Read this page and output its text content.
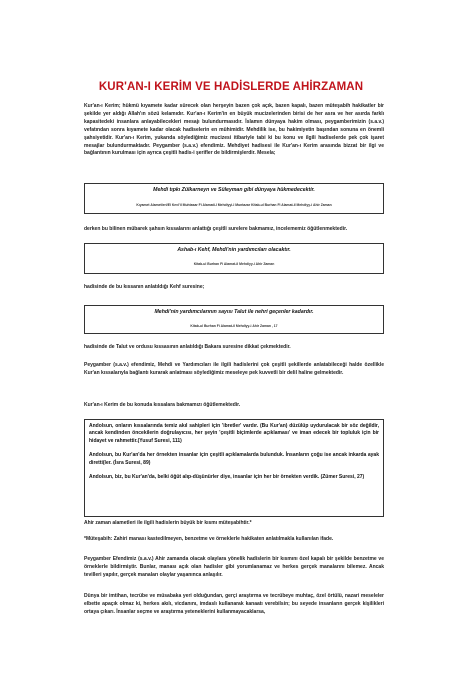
KUR'AN-I KERİM VE HADİSLERDE AHİRZAMAN
Kur'an-ı Kerim; hükmü kıyamete kadar sürecek olan herşeyin bazen çok açık, bazen kapalı, bazen müteşabih hakikatler bir şekilde yer aldığı Allah'ın sözü kelamıdır. Kur'an-ı Kerim'in en büyük mucizelerinden birisi de her asra ve her asırda farklı kapasitedeki insanlara anlayabilecekleri mesajı bulundurmasıdır. İslamın dünyaya hakim olması, peygamberimizin (s.a.v.) vefatından sonra kıyamete kadar olacak hadiselerin en mühimidir. Mehdilik ise, bu hakimiyetin başından sonuna en önemli şahsiyetidir. Kur'an-ı Kerim, yukarıda söylediğimiz mucizesi itibariyle tabi ki bu konu ve ilgili hadiselerde pek çok işaret mesajlar bulundurmaktadır. Peygamber (s.a.v.) efendimiz. Mehdiyet hadisesi ile Kur'an-ı Kerim arasında bizzat bir ilgi ve bağlantının kurulması için ayrıca çeşitli hadis-i şerifler de bildirmişlerdir. Mesela;
Mehdi tıpkı Zülkarneyn ve Süleyman gibi dünyaya hükmedecektir.
Kıyamet Alametleri/El Kevl'il Muhtasar Fi Alamati-l Mehdiyyi-l Muntazar Kitab-ul Burhan Fi Alamat-il Mehdiyy-i Ahir Zaman
derken bu bilinen mübarek şahsın kıssalarını anlattığı çeşitli surelere bakmamız, incelememiz öğütlenmektedir.
Ashab-ı Kehf, Mehdi'nin yardımcıları olacaktır.
Kitab-ul Burhan Fi Alamat-il Mehdiyy-i Ahir Zaman
hadisinde de bu kıssanın anlatıldığı Kehf suresine;
Mehdi'nin yardımcılarının sayısı Talut ile nehri geçenler kadardır.
Kitab-ul Burhan Fi Alamat-il Mehdiyy-i Ahir Zaman , 17
hadisinde de Talut ve ordusu kıssasının anlatıldığı Bakara suresine dikkat çekmektedir.
Peygamber (s.a.v.) efendimiz, Mehdi ve Yardımcıları ile ilgili hadislerini çok çeşitli şekillerde anlatabileceği halde özellikle Kur'an kıssalarıyla bağlantı kurarak anlatması söylediğimiz meseleye pek kuvvetli bir delil haline gelmektedir.
Kur'an-ı Kerim de bu konuda kıssalara bakmamızı öğütlemektedir.

Andolsun, onların kıssalarında temiz akıl sahipleri için 'ibretler' vardır. (Bu Kur'an) düzülüp uydurulacak bir söz değildir, ancak kendinden öncekilerin doğrulayıcısı, her şeyin 'çeşitli biçimlerde açıklaması' ve iman edecek bir topluluk için bir hidayet ve rahmettir.(Yusuf Suresi, 111)

Andolsun, bu Kur'an'da her örnekten insanlar için çeşitli açıklamalarda bulunduk. İnsanların çoğu ise ancak inkarda ayak diretti(ler. (İsra Suresi, 89)

Andolsun, biz, bu Kur'an'da, belki öğüt alıp-düşünürler diye, insanlar için her bir örnekten verdik. (Zümer Suresi, 27)

Ahir zaman alametleri ile ilgili hadislerin büyük bir kısmı müteşabihtir.*
*Müteşabih: Zahiri manası kastedilmeyen, benzetme ve örneklerle hakikaten anlatılmakla kullanılan ifade.
Peygamber Efendimiz (s.a.v.) Ahir zamanda olacak olaylara yönelik hadislerin bir kısmını özel kapalı bir şekilde benzetme ve örneklerle bildirmiştir. Bunlar, manası açık olan hadisler gibi yorumlanamaz ve herkes gerçek manalarını bilemez. Ancak tevilleri yapılır, gerçek manaları olaylar yaşanınca anlaşılır.
Dünya bir imtihan, tecrübe ve müsabaka yeri olduğundan, gerçi araştırma ve tecrübeye muhtaç, özel örtülü, nazari meseleler elbette apaçık olmaz ki, herkes akılı, vicdanını, imdaslı kullanarak kanaatı verebilsin; bu seyede insanların gerçek kişilikleri ortaya çıkarı. İnsanlar seçme ve araştırma yeteneklerini kullanmayacaklarsa,
